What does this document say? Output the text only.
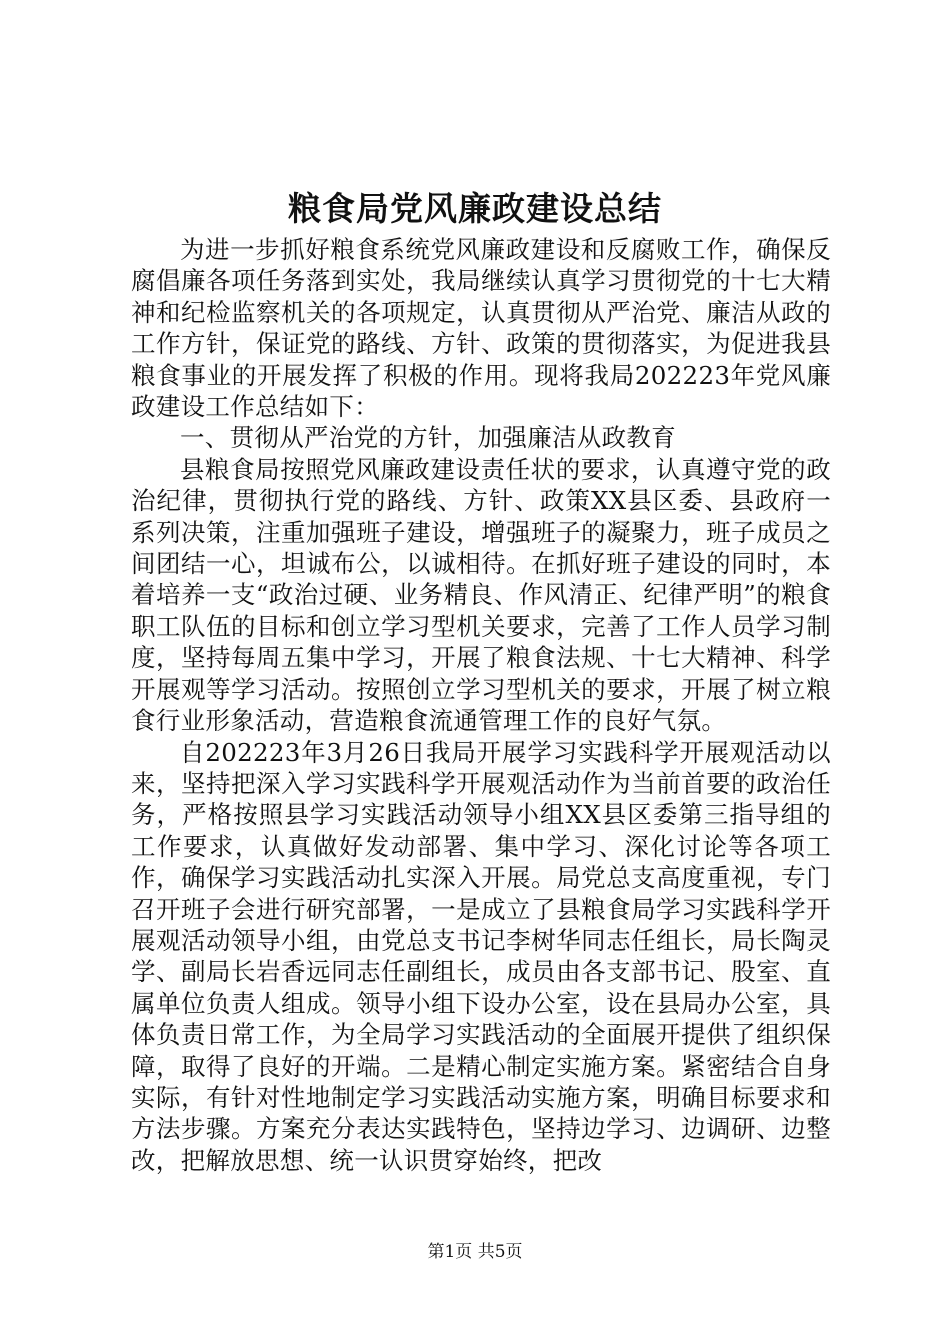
粮食局党风廉政建设总结

为进一步抓好粮食系统党风廉政建设和反腐败工作，确保反腐倡廉各项任务落到实处，我局继续认真学习贯彻党的十七大精神和纪检监察机关的各项规定，认真贯彻从严治党、廉洁从政的工作方针，保证党的路线、方针、政策的贯彻落实，为促进我县粮食事业的开展发挥了积极的作用。现将我局202223年党风廉政建设工作总结如下：

一、贯彻从严治党的方针，加强廉洁从政教育

县粮食局按照党风廉政建设责任状的要求，认真遵守党的政治纪律，贯彻执行党的路线、方针、政策XX县区委、县政府一系列决策，注重加强班子建设，增强班子的凝聚力，班子成员之间团结一心，坦诚布公，以诚相待。在抓好班子建设的同时，本着培养一支“政治过硬、业务精良、作风清正、纪律严明”的粮食职工队伍的目标和创立学习型机关要求，完善了工作人员学习制度，坚持每周五集中学习，开展了粮食法规、十七大精神、科学开展观等学习活动。按照创立学习型机关的要求，开展了树立粮食行业形象活动，营造粮食流通管理工作的良好气氛。

自202223年3月26日我局开展学习实践科学开展观活动以来，坚持把深入学习实践科学开展观活动作为当前首要的政治任务，严格按照县学习实践活动领导小组XX县区委第三指导组的工作要求，认真做好发动部署、集中学习、深化讨论等各项工作，确保学习实践活动扎实深入开展。局党总支高度重视，专门召开班子会进行研究部署，一是成立了县粮食局学习实践科学开展观活动领导小组，由党总支书记李树华同志任组长，局长陶灵学、副局长岩香远同志任副组长，成员由各支部书记、股室、直属单位负责人组成。领导小组下设办公室，设在县局办公室，具体负责日常工作，为全局学习实践活动的全面展开提供了组织保障，取得了良好的开端。二是精心制定实施方案。紧密结合自身实际，有针对性地制定学习实践活动实施方案，明确目标要求和方法步骤。方案充分表达实践特色，坚持边学习、边调研、边整改，把解放思想、统一认识贯穿始终，把改

第1页 共5页
